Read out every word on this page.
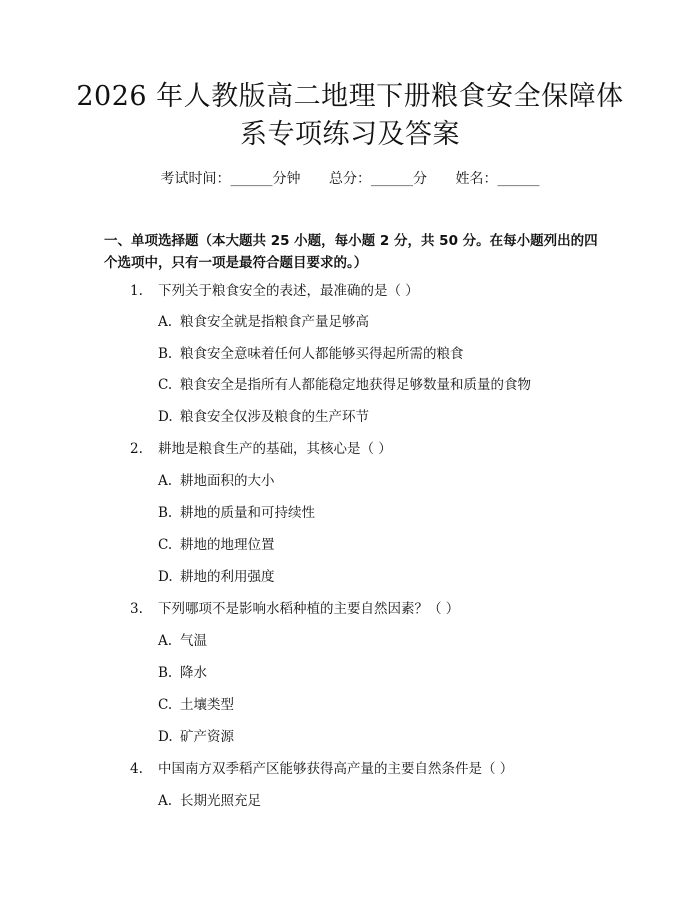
2026 年人教版高二地理下册粮食安全保障体
系专项练习及答案
考试时间：______分钟 总分：______分 姓名：______
一、单项选择题（本大题共 25 小题，每小题 2 分，共 50 分。在每小题列出的四
个选项中，只有一项是最符合题目要求的。）
1. 下列关于粮食安全的表述，最准确的是（ ）
A. 粮食安全就是指粮食产量足够高
B. 粮食安全意味着任何人都能够买得起所需的粮食
C. 粮食安全是指所有人都能稳定地获得足够数量和质量的食物
D. 粮食安全仅涉及粮食的生产环节
2. 耕地是粮食生产的基础，其核心是（ ）
A. 耕地面积的大小
B. 耕地的质量和可持续性
C. 耕地的地理位置
D. 耕地的利用强度
3. 下列哪项不是影响水稻种植的主要自然因素？（ ）
A. 气温
B. 降水
C. 土壤类型
D. 矿产资源
4. 中国南方双季稻产区能够获得高产量的主要自然条件是（ ）
A. 长期光照充足
